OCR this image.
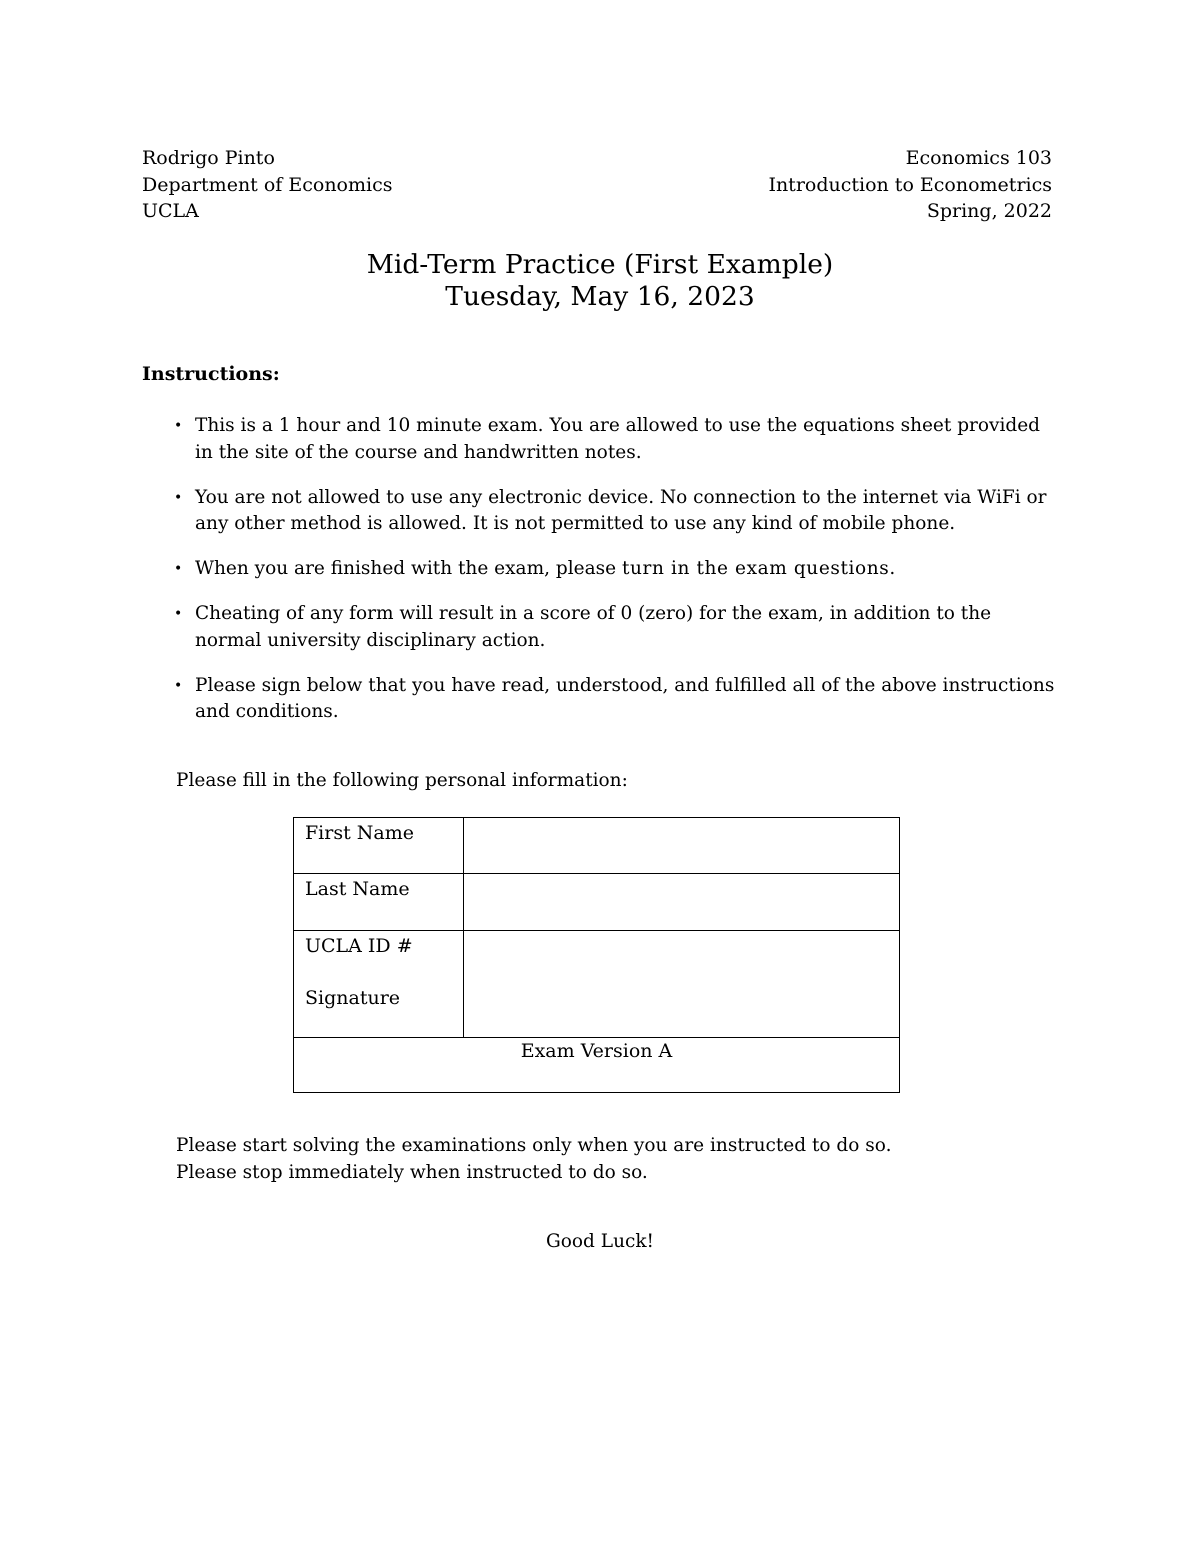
Rodrigo Pinto
Department of Economics
UCLA
Economics 103
Introduction to Econometrics
Spring, 2022
Mid-Term Practice (First Example)
Tuesday, May 16, 2023
Instructions:
• This is a 1 hour and 10 minute exam. You are allowed to use the equations sheet provided in the site of the course and handwritten notes.
• You are not allowed to use any electronic device. No connection to the internet via WiFi or any other method is allowed. It is not permitted to use any kind of mobile phone.
• When you are finished with the exam, please turn in the exam questions.
• Cheating of any form will result in a score of 0 (zero) for the exam, in addition to the normal university disciplinary action.
• Please sign below that you have read, understood, and fulfilled all of the above instructions and conditions.
Please fill in the following personal information:
First Name	

Last Name	

UCLA ID #
Signature	

Exam Version A	
Please start solving the examinations only when you are instructed to do so.
Please stop immediately when instructed to do so.
Good Luck!
